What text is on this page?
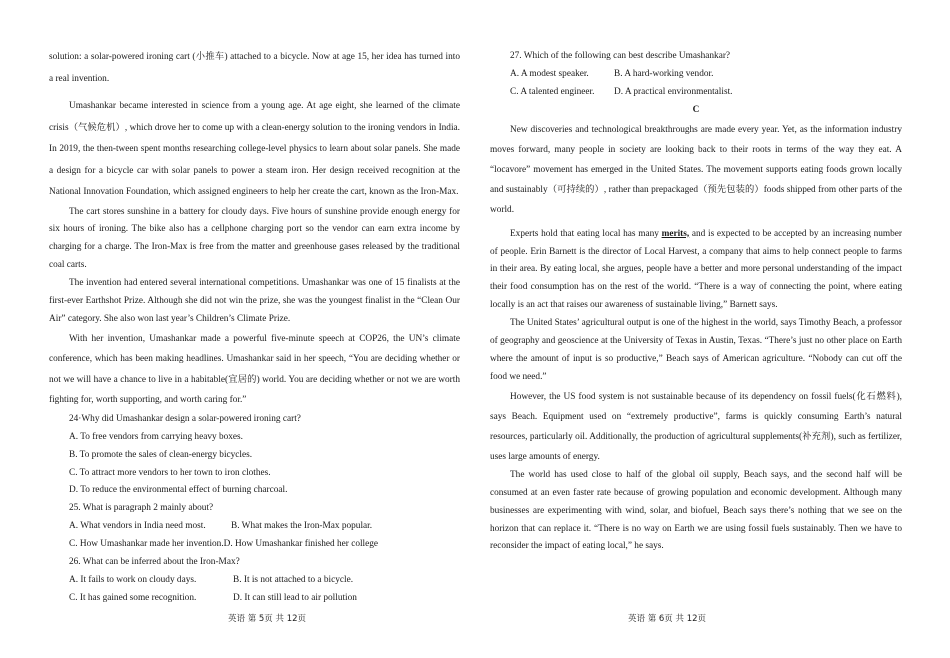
solution: a solar-powered ironing cart (小推车) attached to a bicycle. Now at age 15, her idea has turned into a real invention.

Umashankar became interested in science from a young age. At age eight, she learned of the climate crisis（气候危机）, which drove her to come up with a clean-energy solution to the ironing vendors in India. In 2019, the then-tween spent months researching college-level physics to learn about solar panels. She made a design for a bicycle car with solar panels to power a steam iron. Her design received recognition at the National Innovation Foundation, which assigned engineers to help her create the cart, known as the Iron-Max.

The cart stores sunshine in a battery for cloudy days. Five hours of sunshine provide enough energy for six hours of ironing. The bike also has a cellphone charging port so the vendor can earn extra income by charging for a charge. The Iron-Max is free from the matter and greenhouse gases released by the traditional coal carts.

The invention had entered several international competitions. Umashankar was one of 15 finalists at the first-ever Earthshot Prize. Although she did not win the prize, she was the youngest finalist in the “Clean Our Air” category. She also won last year’s Children’s Climate Prize.

With her invention, Umashankar made a powerful five-minute speech at COP26, the UN’s climate conference, which has been making headlines. Umashankar said in her speech, “You are deciding whether or not we will have a chance to live in a habitable(宜居的) world. You are deciding whether or not we are worth fighting for, worth supporting, and worth caring for.”

24·Why did Umashankar design a solar-powered ironing cart?

A. To free vendors from carrying heavy boxes.

B. To promote the sales of clean-energy bicycles.

C. To attract more vendors to her town to iron clothes.

D. To reduce the environmental effect of burning charcoal.

25. What is paragraph 2 mainly about?

A. What vendors in India need most.	B. What makes the Iron-Max popular.

C. How Umashankar made her invention.D. How Umashankar finished her college

26. What can be inferred about the Iron-Max?

A. It fails to work on cloudy days.	B. It is not attached to a bicycle.

C. It has gained some recognition.	D. It can still lead to air pollution

27. Which of the following can best describe Umashankar?

A. A modest speaker.	B. A hard-working vendor.

C. A talented engineer. D. A practical environmentalist.

C

New discoveries and technological breakthroughs are made every year. Yet, as the information industry moves forward, many people in society are looking back to their roots in terms of the way they eat. A “locavore” movement has emerged in the United States. The movement supports eating foods grown locally and sustainably（可持续的）, rather than prepackaged（预先包装的）foods shipped from other parts of the world.

Experts hold that eating local has many merits, and is expected to be accepted by an increasing number of people. Erin Barnett is the director of Local Harvest, a company that aims to help connect people to farms in their area. By eating local, she argues, people have a better and more personal understanding of the impact their food consumption has on the rest of the world. “There is a way of connecting the point, where eating locally is an act that raises our awareness of sustainable living,” Barnett says.

The United States’ agricultural output is one of the highest in the world, says Timothy Beach, a professor of geography and geoscience at the University of Texas in Austin, Texas. “There’s just no other place on Earth where the amount of input is so productive,” Beach says of American agriculture. “Nobody can cut off the food we need.”

However, the US food system is not sustainable because of its dependency on fossil fuels(化石燃料), says Beach. Equipment used on “extremely productive”, farms is quickly consuming Earth’s natural resources, particularly oil. Additionally, the production of agricultural supplements(补充剂), such as fertilizer, uses large amounts of energy.

The world has used close to half of the global oil supply, Beach says, and the second half will be consumed at an even faster rate because of growing population and economic development. Although many businesses are experimenting with wind, solar, and biofuel, Beach says there’s nothing that we see on the horizon that can replace it. “There is no way on Earth we are using fossil fuels sustainably. Then we have to reconsider the impact of eating local,” he says.

英语 第 5页 共 12页	英语 第 6页 共 12页
